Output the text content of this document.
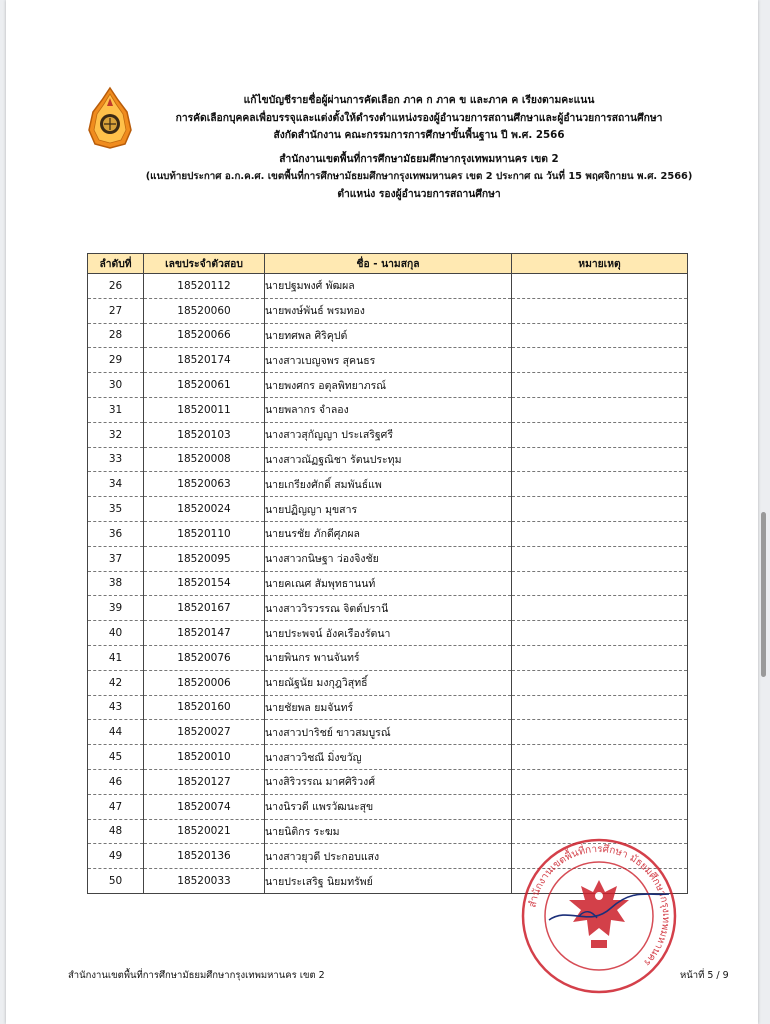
แก้ไขบัญชีรายชื่อผู้ผ่านการคัดเลือก ภาค ก ภาค ข และภาค ค เรียงตามคะแนน
การคัดเลือกบุคคลเพื่อบรรจุและแต่งตั้งให้ดำรงตำแหน่งรองผู้อำนวยการสถานศึกษาและผู้อำนวยการสถานศึกษา
สังกัดสำนักงาน คณะกรรมการการศึกษาขั้นพื้นฐาน ปี พ.ศ. 2566
สำนักงานเขตพื้นที่การศึกษามัธยมศึกษากรุงเทพมหานคร เขต 2
(แนบท้ายประกาศ อ.ก.ค.ศ. เขตพื้นที่การศึกษามัธยมศึกษากรุงเทพมหานคร เขต 2 ประกาศ ณ วันที่ 15 พฤศจิกายน พ.ศ. 2566)
ตำแหน่ง รองผู้อำนวยการสถานศึกษา
ลำดับที่	เลขประจำตัวสอบ	ชื่อ - นามสกุล	หมายเหตุ
26	18520112	นายปฐมพงศ์ พัฒผล	
27	18520060	นายพงษ์พันธ์ พรมทอง	
28	18520066	นายทศพล ศิริคุปต์	
29	18520174	นางสาวเบญจพร สุคนธร	
30	18520061	นายพงศกร อตุลพิทยาภรณ์	
31	18520011	นายพลากร จำลอง	
32	18520103	นางสาวสุกัญญา ประเสริฐศรี	
33	18520008	นางสาวณัฏฐณิชา รัตนประทุม	
34	18520063	นายเกรียงศักดิ์ สมพันธ์แพ	
35	18520024	นายปฏิญญา มุขสาร	
36	18520110	นายนรชัย ภักดีศุภผล	
37	18520095	นางสาวกนิษฐา ว่องจิงชัย	
38	18520154	นายคเณศ สัมพุทธานนท์	
39	18520167	นางสาววิรวรรณ จิตต์ปรานี	
40	18520147	นายประพจน์ อังคเรืองรัตนา	
41	18520076	นายพินกร พานจันทร์	
42	18520006	นายณัฐนัย มงกุฎวิสุทธิ์	
43	18520160	นายชัยพล ยมจันทร์	
44	18520027	นางสาวปาริชย์ ขาวสมบูรณ์	
45	18520010	นางสาววิชณี มิ่งขวัญ	
46	18520127	นางสิริวรรณ มาศศิริวงศ์	
47	18520074	นางนิรวดี แพรวัฒนะสุข	
48	18520021	นายนิติกร ระฆม	
49	18520136	นางสาวยุวดี ประกอบแสง	
50	18520033	นายประเสริฐ นิยมทรัพย์	
สำนักงานเขตพื้นที่การศึกษา มัธยมศึกษากรุงเทพมหานคร
สำนักงานเขตพื้นที่การศึกษามัธยมศึกษากรุงเทพมหานคร เขต 2	หน้าที่ 5 / 9
